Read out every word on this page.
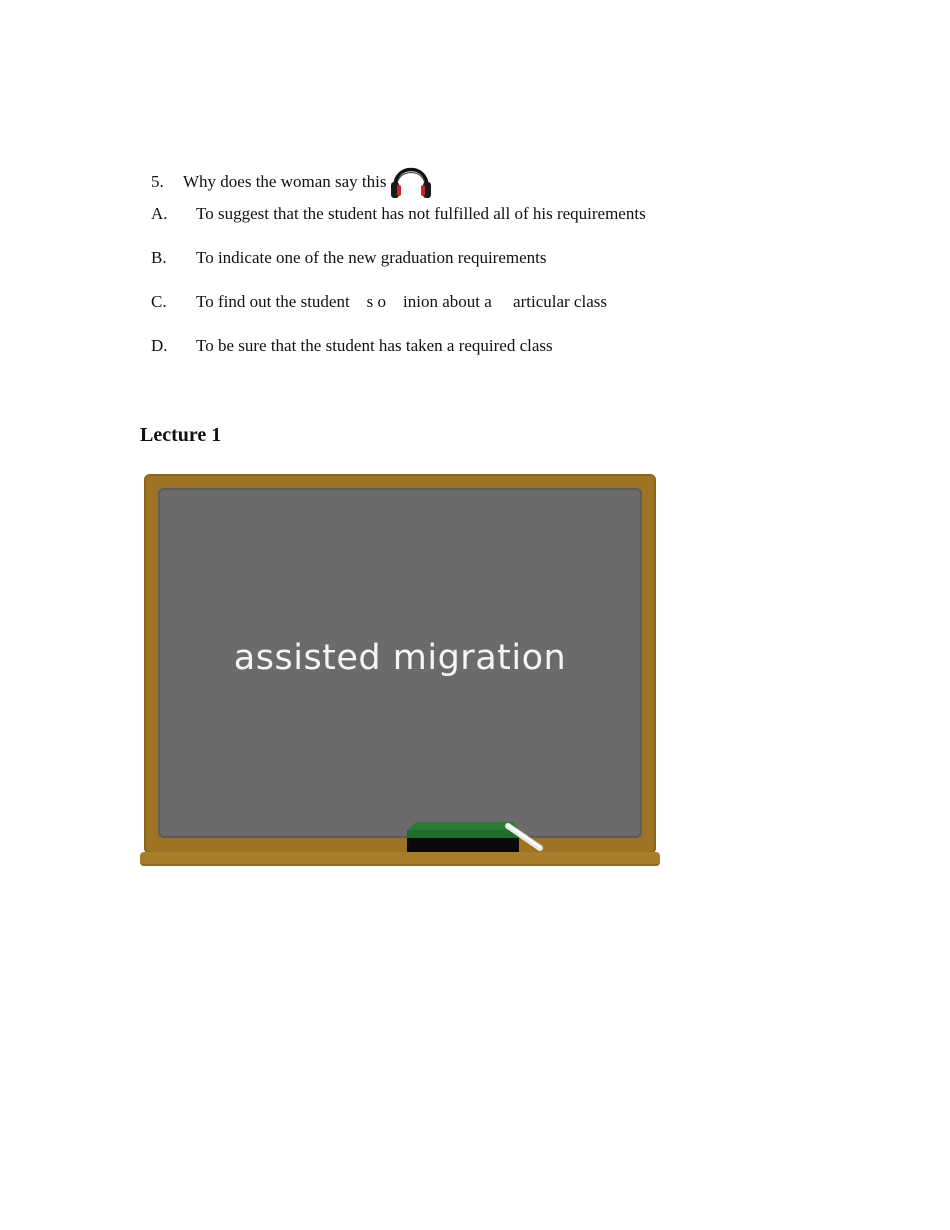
5.	Why does the woman say this
A.	To suggest that the student has not fulfilled all of his requirements
B.	To indicate one of the new graduation requirements
C.	To find out the student    s o    inion about a     articular class
D.	To be sure that the student has taken a required class
Lecture 1
assisted migration
